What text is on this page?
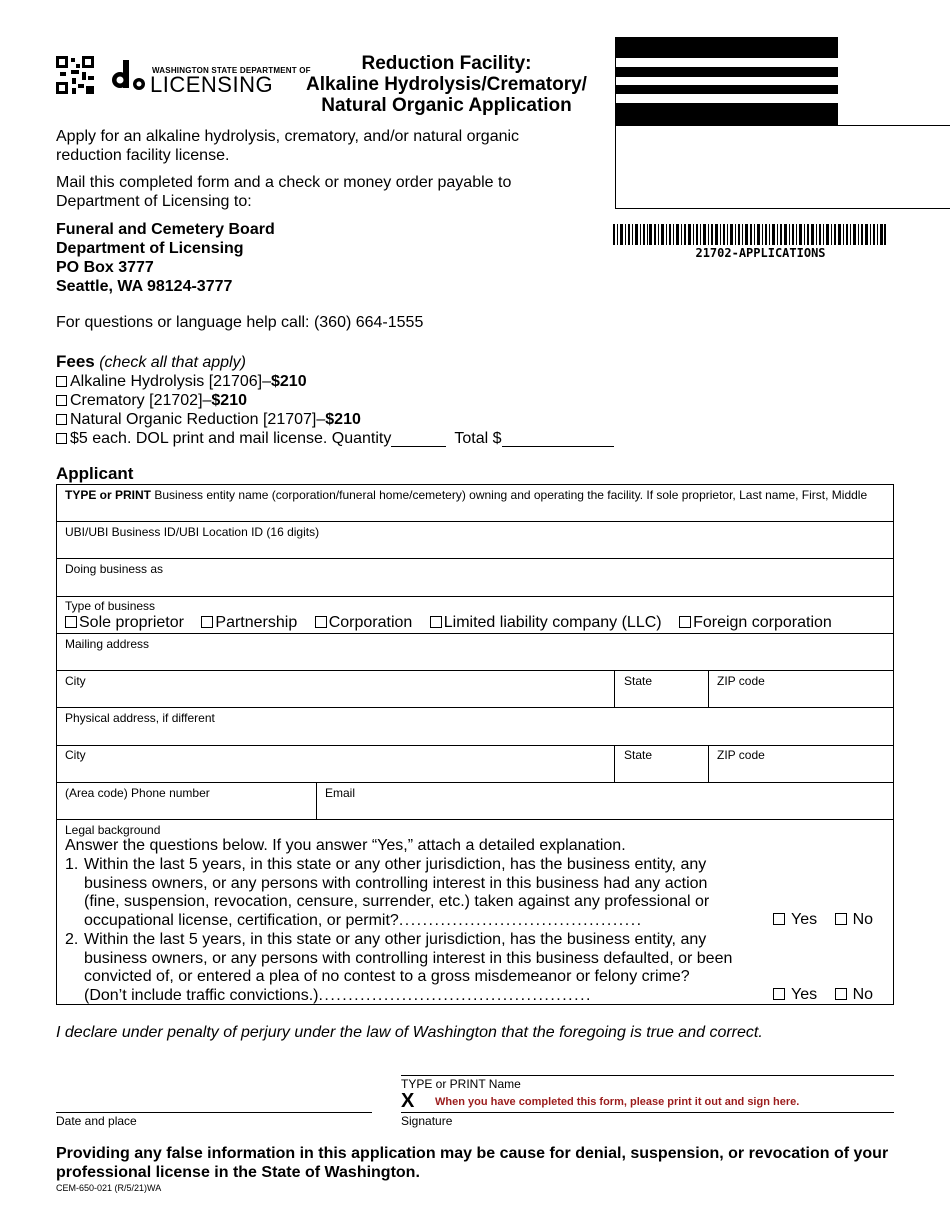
WASHINGTON STATE DEPARTMENT OF
LICENSING
Reduction Facility:
Alkaline Hydrolysis/Crematory/
Natural Organic Application
21702-APPLICATIONS
Apply for an alkaline hydrolysis, crematory, and/or natural organic reduction facility license.
Mail this completed form and a check or money order payable to Department of Licensing to:
Funeral and Cemetery Board
Department of Licensing
PO Box 3777
Seattle, WA 98124-3777
For questions or language help call: (360) 664-1555
Fees (check all that apply)
Alkaline Hydrolysis [21706]– $210
Crematory [21702]– $210
Natural Organic Reduction [21707]– $210
$5 each. DOL print and mail license. Quantity	Total $
Applicant
TYPE or PRINT Business entity name (corporation/funeral home/cemetery) owning and operating the facility. If sole proprietor, Last name, First, Middle
UBI/UBI Business ID/UBI Location ID (16 digits)
Doing business as
Type of business
Sole proprietor Partnership Corporation Limited liability company (LLC) Foreign corporation
Mailing address
City	State	ZIP code
Physical address, if different
City	State	ZIP code
(Area code) Phone number	Email
Legal background
Answer the questions below. If you answer “Yes,” attach a detailed explanation.
1. Within the last 5 years, in this state or any other jurisdiction, has the business entity, any
business owners, or any persons with controlling interest in this business had any action
(fine, suspension, revocation, censure, surrender, etc.) taken against any professional or
occupational license, certification, or permit?.........................................	Yes No
2. Within the last 5 years, in this state or any other jurisdiction, has the business entity, any
business owners, or any persons with controlling interest in this business defaulted, or been
convicted of, or entered a plea of no contest to a gross misdemeanor or felony crime?
(Don’t include traffic convictions.)..............................................	Yes No
I declare under penalty of perjury under the law of Washington that the foregoing is true and correct.
TYPE or PRINT Name
X When you have completed this form, please print it out and sign here.
Signature
Date and place
Providing any false information in this application may be cause for denial, suspension, or revocation of your professional license in the State of Washington.
CEM-650-021 (R/5/21)WA
